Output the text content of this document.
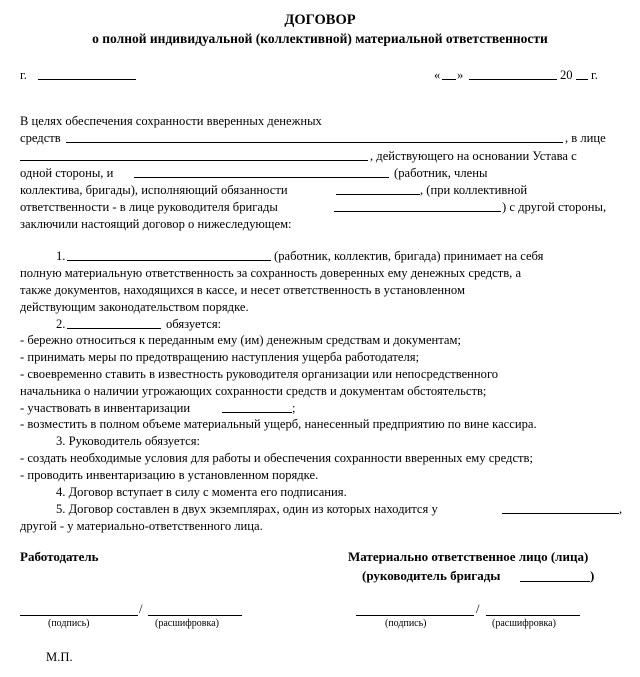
ДОГОВОР
о полной индивидуальной (коллективной) материальной ответственности
г.	« »	20 г.
В целях обеспечения сохранности вверенных денежных
средств	, в лице
, действующего на основании Устава с
одной стороны, и	(работник, члены
коллектива, бригады), исполняющий обязанности	, (при коллективной
ответственности - в лице руководителя бригады	) с другой стороны,
заключили настоящий договор о нижеследующем:
1.	(работник, коллектив, бригада) принимает на себя
полную материальную ответственность за сохранность доверенных ему денежных средств, а
также документов, находящихся в кассе, и несет ответственность в установленном
действующим законодательством порядке.
2.	обязуется:
- бережно относиться к переданным ему (им) денежным средствам и документам;
- принимать меры по предотвращению наступления ущерба работодателя;
- своевременно ставить в известность руководителя организации или непосредственного
начальника о наличии угрожающих сохранности средств и документам обстоятельств;
- участвовать в инвентаризации	;
- возместить в полном объеме материальный ущерб, нанесенный предприятию по вине кассира.
3. Руководитель обязуется:
- создать необходимые условия для работы и обеспечения сохранности вверенных ему средств;
- проводить инвентаризацию в установленном порядке.
4. Договор вступает в силу с момента его подписания.
5. Договор составлен в двух экземплярах, один из которых находится у	,
другой - у материально-ответственного лица.
Работодатель	Материально ответственное лицо (лица)
(руководитель бригады	)
/
(подпись)	(расшифровка)
/
(подпись)	(расшифровка)
М.П.
